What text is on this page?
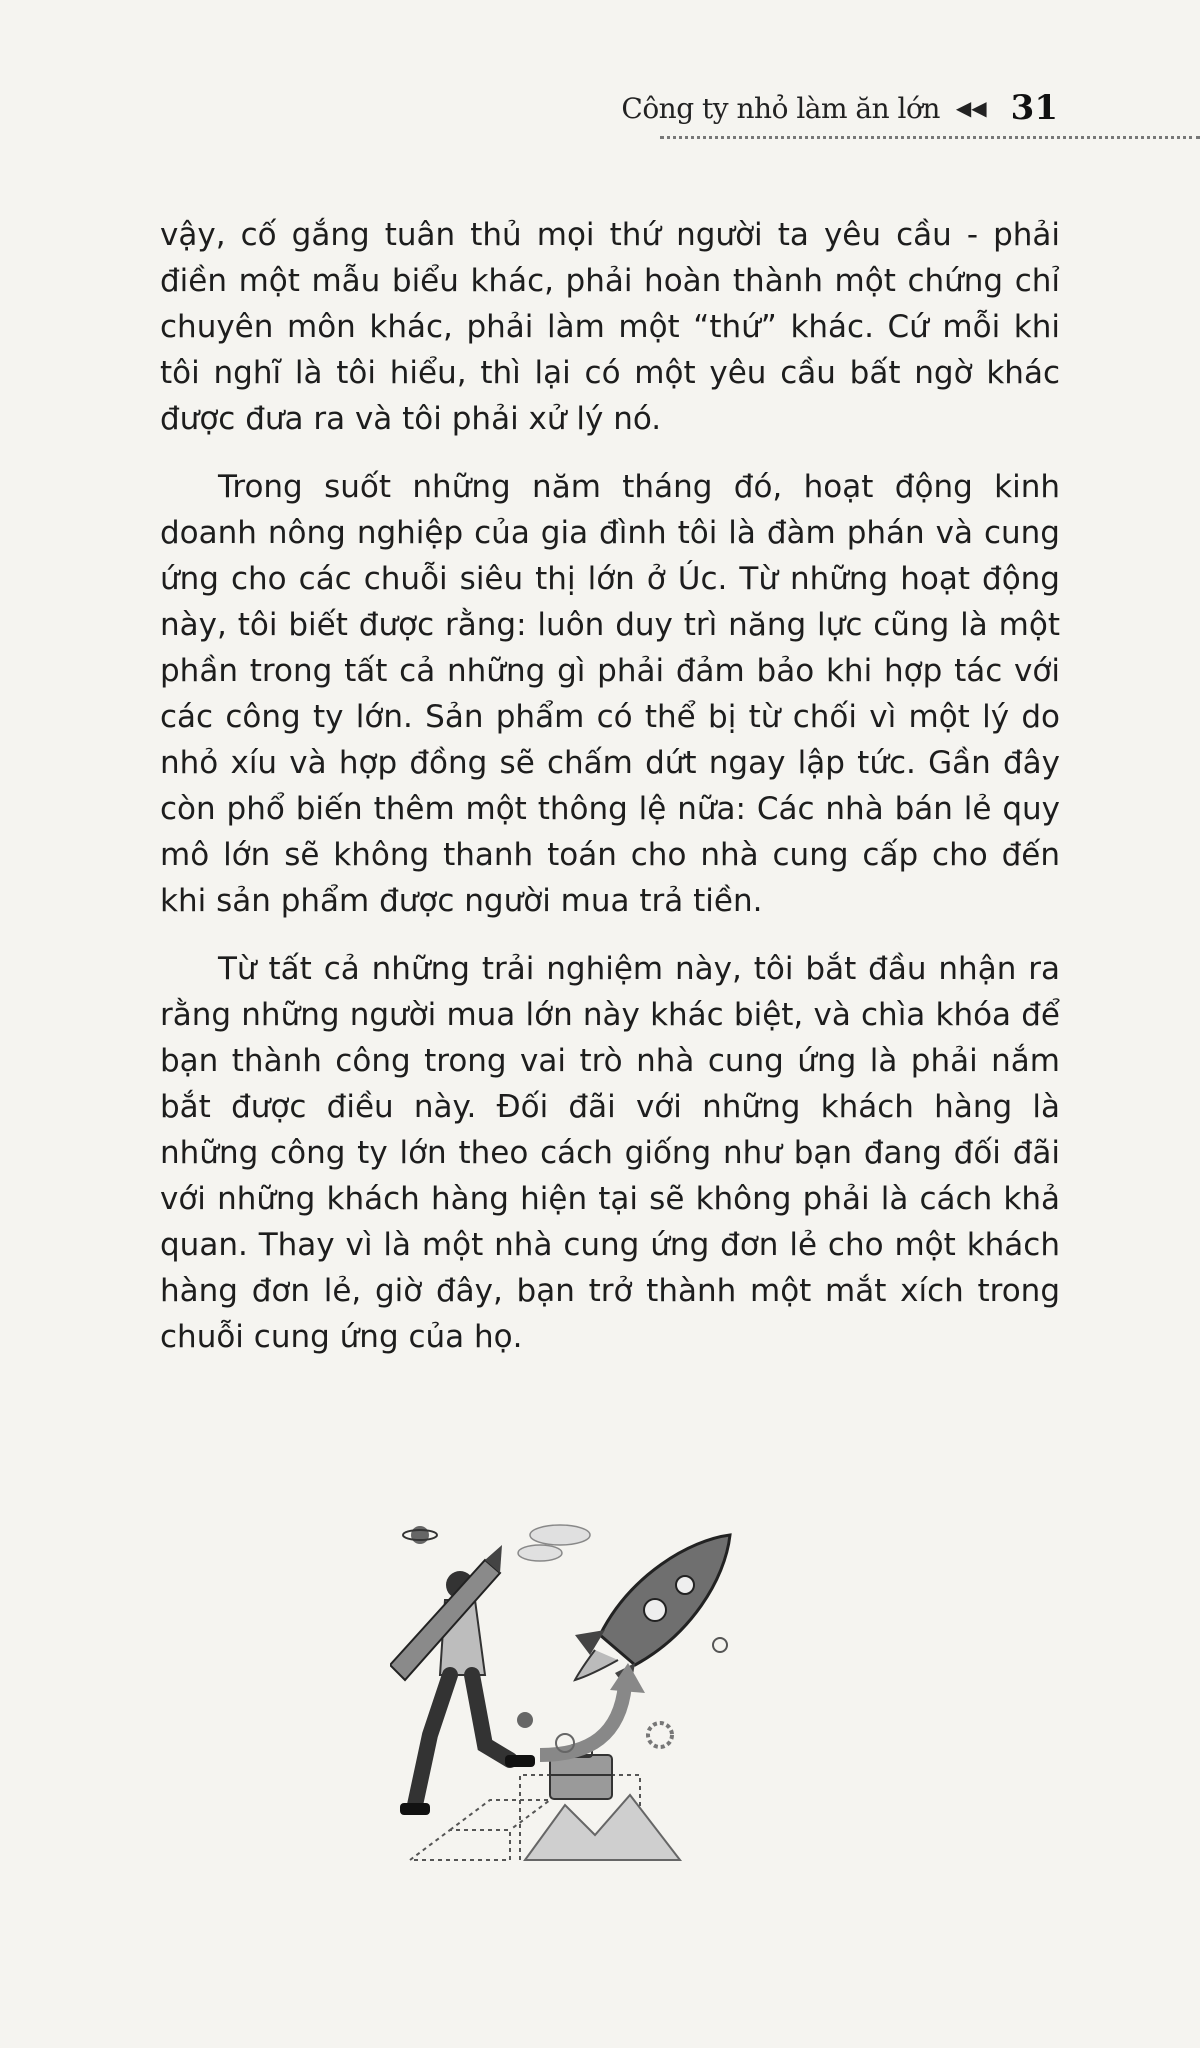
Công ty nhỏ làm ăn lớn ◀◀ 31

vậy, cố gắng tuân thủ mọi thứ người ta yêu cầu - phải điền một mẫu biểu khác, phải hoàn thành một chứng chỉ chuyên môn khác, phải làm một “thứ” khác. Cứ mỗi khi tôi nghĩ là tôi hiểu, thì lại có một yêu cầu bất ngờ khác được đưa ra và tôi phải xử lý nó.

Trong suốt những năm tháng đó, hoạt động kinh doanh nông nghiệp của gia đình tôi là đàm phán và cung ứng cho các chuỗi siêu thị lớn ở Úc. Từ những hoạt động này, tôi biết được rằng: luôn duy trì năng lực cũng là một phần trong tất cả những gì phải đảm bảo khi hợp tác với các công ty lớn. Sản phẩm có thể bị từ chối vì một lý do nhỏ xíu và hợp đồng sẽ chấm dứt ngay lập tức. Gần đây còn phổ biến thêm một thông lệ nữa: Các nhà bán lẻ quy mô lớn sẽ không thanh toán cho nhà cung cấp cho đến khi sản phẩm được người mua trả tiền.

Từ tất cả những trải nghiệm này, tôi bắt đầu nhận ra rằng những người mua lớn này khác biệt, và chìa khóa để bạn thành công trong vai trò nhà cung ứng là phải nắm bắt được điều này. Đối đãi với những khách hàng là những công ty lớn theo cách giống như bạn đang đối đãi với những khách hàng hiện tại sẽ không phải là cách khả quan. Thay vì là một nhà cung ứng đơn lẻ cho một khách hàng đơn lẻ, giờ đây, bạn trở thành một mắt xích trong chuỗi cung ứng của họ.
